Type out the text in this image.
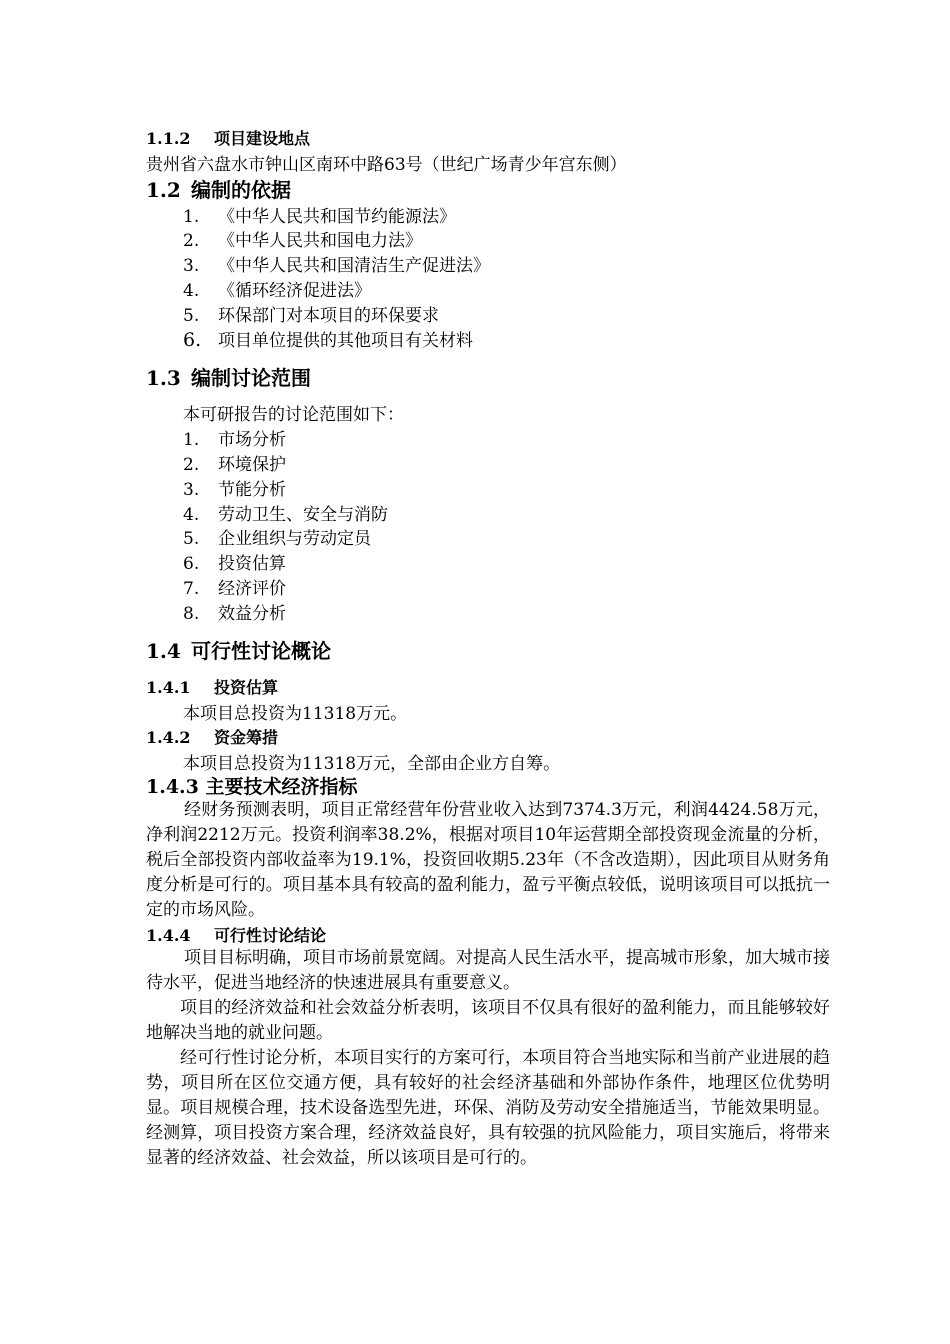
1.1.2 项目建设地点
贵州省六盘水市钟山区南环中路63号（世纪广场青少年宫东侧）
1.2 编制的依据
1. 《中华人民共和国节约能源法》
2. 《中华人民共和国电力法》
3. 《中华人民共和国清洁生产促进法》
4. 《循环经济促进法》
5. 环保部门对本项目的环保要求
6. 项目单位提供的其他项目有关材料
1.3 编制讨论范围
本可研报告的讨论范围如下：
1. 市场分析
2. 环境保护
3. 节能分析
4. 劳动卫生、安全与消防
5. 企业组织与劳动定员
6. 投资估算
7. 经济评价
8. 效益分析
1.4 可行性讨论概论
1.4.1 投资估算
本项目总投资为11318万元。
1.4.2 资金筹措
本项目总投资为11318万元，全部由企业方自筹。
1.4.3 主要技术经济指标

经财务预测表明，项目正常经营年份营业收入达到7374.3万元，利润4424.58万元，净利润2212万元。投资利润率38.2%，根据对项目10年运营期全部投资现金流量的分析，税后全部投资内部收益率为19.1%，投资回收期5.23年（不含改造期），因此项目从财务角度分析是可行的。项目基本具有较高的盈利能力，盈亏平衡点较低，说明该项目可以抵抗一定的市场风险。

1.4.4 可行性讨论结论

项目目标明确，项目市场前景宽阔。对提高人民生活水平，提高城市形象，加大城市接待水平，促进当地经济的快速进展具有重要意义。

项目的经济效益和社会效益分析表明，该项目不仅具有很好的盈利能力，而且能够较好地解决当地的就业问题。

经可行性讨论分析，本项目实行的方案可行，本项目符合当地实际和当前产业进展的趋势，项目所在区位交通方便，具有较好的社会经济基础和外部协作条件，地理区位优势明显。项目规模合理，技术设备选型先进，环保、消防及劳动安全措施适当，节能效果明显。经测算，项目投资方案合理，经济效益良好，具有较强的抗风险能力，项目实施后，将带来显著的经济效益、社会效益，所以该项目是可行的。
